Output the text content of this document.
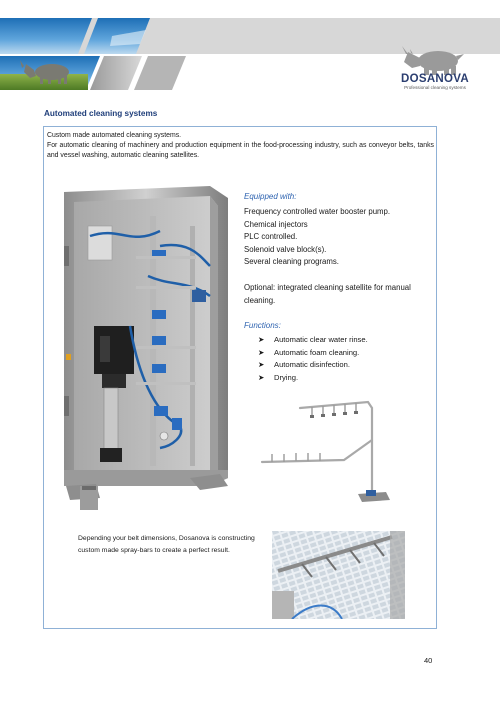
DOSANOVA
Professional cleaning systems
Automated cleaning systems

Custom made automated cleaning systems.

For automatic cleaning of machinery and production equipment in the food-processing industry, such as conveyor belts, tanks and vessel washing, automatic cleaning satellites.

Equipped with:
Frequency controlled water booster pump.
Chemical injectors
PLC controlled.
Solenoid valve block(s).
Several cleaning programs.
Optional: integrated cleaning satellite for manual cleaning.
Functions:
➤ Automatic clear water rinse.
➤ Automatic foam cleaning.
➤ Automatic disinfection.
➤ Drying.
Depending your belt dimensions, Dosanova is constructing custom made spray-bars to create a perfect result.
40
